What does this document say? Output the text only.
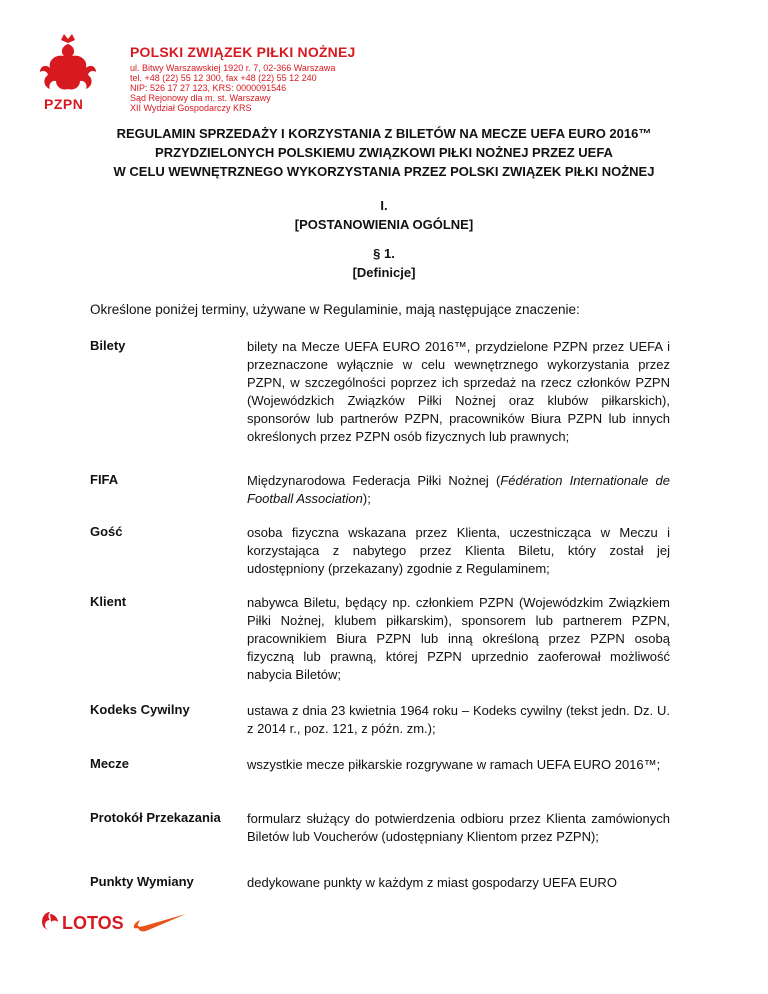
PZPN
POLSKI ZWIĄZEK PIŁKI NOŻNEJ
ul. Bitwy Warszawskiej 1920 r. 7, 02-366 Warszawa
tel. +48 (22) 55 12 300, fax +48 (22) 55 12 240
NIP: 526 17 27 123, KRS: 0000091546
Sąd Rejonowy dla m. st. Warszawy
XII Wydział Gospodarczy KRS
REGULAMIN SPRZEDAŻY I KORZYSTANIA Z BILETÓW NA MECZE UEFA EURO 2016™
PRZYDZIELONYCH POLSKIEMU ZWIĄZKOWI PIŁKI NOŻNEJ PRZEZ UEFA
W CELU WEWNĘTRZNEGO WYKORZYSTANIA PRZEZ POLSKI ZWIĄZEK PIŁKI NOŻNEJ
I.
[POSTANOWIENIA OGÓLNE]
§ 1.
[Definicje]
Określone poniżej terminy, używane w Regulaminie, mają następujące znaczenie:
Bilety	bilety na Mecze UEFA EURO 2016™, przydzielone PZPN przez UEFA i przeznaczone wyłącznie w celu wewnętrznego wykorzystania przez PZPN, w szczególności poprzez ich sprzedaż na rzecz członków PZPN (Wojewódzkich Związków Piłki Nożnej oraz klubów piłkarskich), sponsorów lub partnerów PZPN, pracowników Biura PZPN lub innych określonych przez PZPN osób fizycznych lub prawnych;
FIFA	Międzynarodowa Federacja Piłki Nożnej (Fédération Internationale de Football Association);
Gość	osoba fizyczna wskazana przez Klienta, uczestnicząca w Meczu i korzystająca z nabytego przez Klienta Biletu, który został jej udostępniony (przekazany) zgodnie z Regulaminem;
Klient	nabywca Biletu, będący np. członkiem PZPN (Wojewódzkim Związkiem Piłki Nożnej, klubem piłkarskim), sponsorem lub partnerem PZPN, pracownikiem Biura PZPN lub inną określoną przez PZPN osobą fizyczną lub prawną, której PZPN uprzednio zaoferował możliwość nabycia Biletów;
Kodeks Cywilny	ustawa z dnia 23 kwietnia 1964 roku – Kodeks cywilny (tekst jedn. Dz. U. z 2014 r., poz. 121, z późn. zm.);
Mecze	wszystkie mecze piłkarskie rozgrywane w ramach UEFA EURO 2016™;
Protokół Przekazania	formularz służący do potwierdzenia odbioru przez Klienta zamówionych Biletów lub Voucherów (udostępniany Klientom przez PZPN);
Punkty Wymiany	dedykowane punkty w każdym z miast gospodarzy UEFA EURO
LOTOS
